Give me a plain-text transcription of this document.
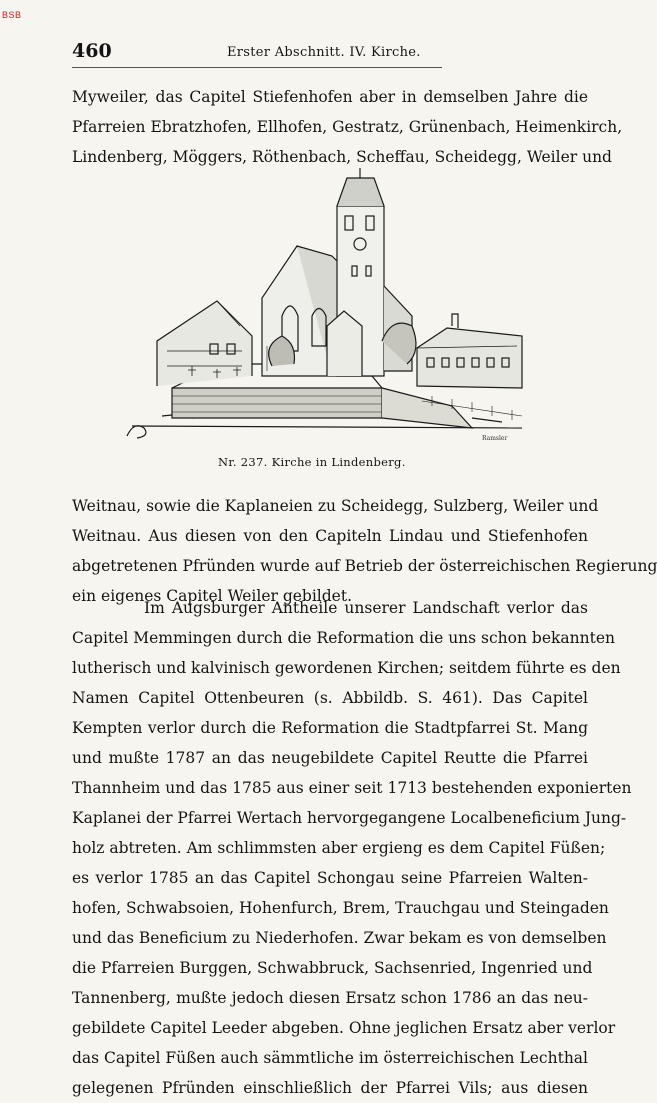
BSB
460	Erster Abschnitt. IV. Kirche.
Myweiler, das Capitel Stiefenhofen aber in demselben Jahre die
Pfarreien Ebratzhofen, Ellhofen, Gestratz, Grünenbach, Heimenkirch,
Lindenberg, Möggers, Röthenbach, Scheffau, Scheidegg, Weiler und
Ramsler
Nr. 237. Kirche in Lindenberg.
Weitnau, sowie die Kaplaneien zu Scheidegg, Sulzberg, Weiler und
Weitnau. Aus diesen von den Capiteln Lindau und Stiefenhofen
abgetretenen Pfründen wurde auf Betrieb der österreichischen Regierung
ein eigenes Capitel Weiler gebildet.
Im Augsburger Antheile unserer Landschaft verlor das
Capitel Memmingen durch die Reformation die uns schon bekannten
lutherisch und kalvinisch gewordenen Kirchen; seitdem führte es den
Namen Capitel Ottenbeuren (s. Abbildb. S. 461). Das Capitel
Kempten verlor durch die Reformation die Stadtpfarrei St. Mang
und mußte 1787 an das neugebildete Capitel Reutte die Pfarrei
Thannheim und das 1785 aus einer seit 1713 bestehenden exponierten
Kaplanei der Pfarrei Wertach hervorgegangene Localbeneficium Jung-
holz abtreten. Am schlimmsten aber ergieng es dem Capitel Füßen;
es verlor 1785 an das Capitel Schongau seine Pfarreien Walten-
hofen, Schwabsoien, Hohenfurch, Brem, Trauchgau und Steingaden
und das Beneficium zu Niederhofen. Zwar bekam es von demselben
die Pfarreien Burggen, Schwabbruck, Sachsenried, Ingenried und
Tannenberg, mußte jedoch diesen Ersatz schon 1786 an das neu-
gebildete Capitel Leeder abgeben. Ohne jeglichen Ersatz aber verlor
das Capitel Füßen auch sämmtliche im österreichischen Lechthal
gelegenen Pfründen einschließlich der Pfarrei Vils; aus diesen
